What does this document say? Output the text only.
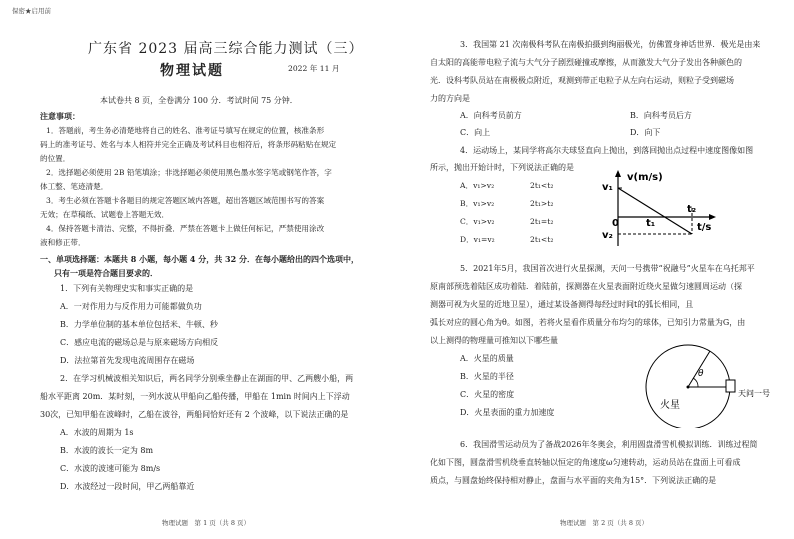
保密★启用前
广东省 2023 届高三综合能力测试（三）
物理试题	2022 年 11 月
本试卷共 8 页，全卷满分 100 分．考试时间 75 分钟．
注意事项：
1．答题前，考生务必清楚地将自己的姓名、准考证号填写在规定的位置，核准条形
码上的准考证号、姓名与本人相符并完全正确及考试科目也相符后，将条形码粘贴在规定
的位置．
2．选择题必须使用 2B 铅笔填涂；非选择题必须使用黑色墨水签字笔或钢笔作答，字
体工整、笔迹清楚．
3．考生必须在答题卡各题目的规定答题区域内答题，超出答题区域范围书写的答案
无效；在草稿纸、试题卷上答题无效．
4．保持答题卡清洁、完整，不得折叠．严禁在答题卡上做任何标记，严禁使用涂改
液和修正带．
一、单项选择题：本题共 8 小题，每小题 4 分，共 32 分．在每小题给出的四个选项中，
只有一项是符合题目要求的．
1．下列有关物理史实和事实正确的是
A．一对作用力与反作用力可能都做负功
B．力学单位制的基本单位包括米、牛顿、秒
C．感应电流的磁场总是与原来磁场方向相反
D．法拉第首先发现电流周围存在磁场
2．在学习机械波相关知识后，两名同学分别乘坐静止在湖面的甲、乙两艘小船，两
船水平距离 20m．某时刻，一列水波从甲船向乙船传播，甲船在 1min 时间内上下浮动
30次，已知甲船在波峰时，乙船在波谷，两船间恰好还有 2 个波峰，以下说法正确的是
A．水波的周期为 1s
B．水波的波长一定为 8m
C．水波的波速可能为 8m/s
D．水波经过一段时间，甲乙两船靠近
物理试题　第 1 页（共 8 页）
3．我国第 21 次南极科考队在南极拍摄到绚丽极光，仿佛置身神话世界．极光是由来
自太阳的高能带电粒子流与大气分子剧烈碰撞或摩擦，从而激发大气分子发出各种颜色的
光．设科考队员站在南极极点附近，观测到带正电粒子从左向右运动，则粒子受到磁场
力的方向是
A．向科考员前方	B．向科考员后方
C．向上	D．向下
4．运动场上，某同学将高尔夫球竖直向上抛出，到落回抛出点过程中速度图像如图
所示，抛出开始计时，下列说法正确的是
A．v₁>v₂	2t₁<t₂
B．v₁>v₂	2t₁>t₂
C．v₁>v₂	2t₁=t₂
D．v₁=v₂	2t₁<t₂
v(m/s)
v₁
v₂
0	t₁
t₂
t/s
5．2021年5月，我国首次进行火星探测，天问一号携带“祝融号”火星车在乌托邦平
原南部预选着陆区成功着陆．着陆前，探测器在火星表面附近绕火星做匀速圆周运动（探
测器可视为火星的近地卫星），通过某设备测得每经过时间t的弧长相同，且
弧长对应的圆心角为θ。如图，若将火星看作质量分布均匀的球体，已知引力常量为G，由
以上测得的物理量可推知以下哪些量
A．火星的质量
B．火星的半径
C．火星的密度
D．火星表面的重力加速度
θ
火星
天问一号
6．我国滑雪运动员为了备战2026年冬奥会，利用圆盘滑雪机模拟训练．训练过程简
化如下图，圆盘滑雪机绕垂直转轴以恒定的角速度ω匀速转动，运动员站在盘面上可看成
质点，与圆盘始终保持相对静止，盘面与水平面的夹角为15°．下列说法正确的是
物理试题　第 2 页（共 8 页）
